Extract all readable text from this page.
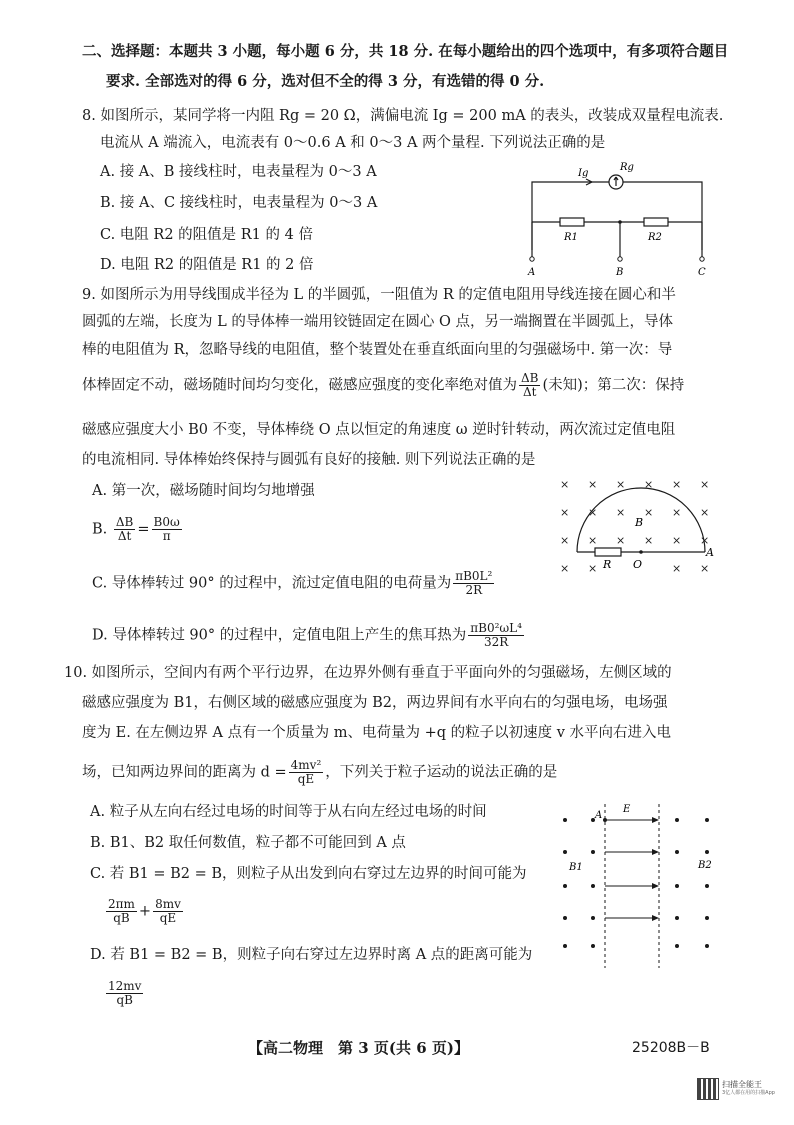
二、选择题：本题共 3 小题，每小题 6 分，共 18 分. 在每小题给出的四个选项中，有多项符合题目
要求. 全部选对的得 6 分，选对但不全的得 3 分，有选错的得 0 分.
8. 如图所示，某同学将一内阻 Rg = 20 Ω，满偏电流 Ig = 200 mA 的表头，改装成双量程电流表.
电流从 A 端流入，电流表有 0～0.6 A 和 0～3 A 两个量程. 下列说法正确的是
A. 接 A、B 接线柱时，电表量程为 0～3 A
B. 接 A、C 接线柱时，电表量程为 0～3 A
C. 电阻 R2 的阻值是 R1 的 4 倍
D. 电阻 R2 的阻值是 R1 的 2 倍
Ig
Rg
R1	R2
A	B	C
9. 如图所示为用导线围成半径为 L 的半圆弧，一阻值为 R 的定值电阻用导线连接在圆心和半
圆弧的左端，长度为 L 的导体棒一端用铰链固定在圆心 O 点，另一端搁置在半圆弧上，导体
棒的电阻值为 R，忽略导线的电阻值，整个装置处在垂直纸面向里的匀强磁场中. 第一次：导
体棒固定不动，磁场随时间均匀变化，磁感应强度的变化率绝对值为 $\frac{\Delta B}{\Delta t}$ (未知)；第二次：保持
磁感应强度大小 B0 不变，导体棒绕 O 点以恒定的角速度 ω 逆时针转动，两次流过定值电阻
的电流相同. 导体棒始终保持与圆弧有良好的接触. 则下列说法正确的是
A. 第一次，磁场随时间均匀地增强
B. $\frac{\Delta B}{\Delta t} = \frac{B0\omega}{\pi}$
C. 导体棒转过 90° 的过程中，流过定值电阻的电荷量为 $\frac{\text{πB0L²}}{2R}$
D. 导体棒转过 90° 的过程中，定值电阻上产生的焦耳热为 $\frac{\text{πB0²ωL⁴}}{32R}$
× × × × × ×
× × × × × ×
× × × × × ×
× ×	× ×
B
R O
A
10. 如图所示，空间内有两个平行边界，在边界外侧有垂直于平面向外的匀强磁场，左侧区域的
磁感应强度为 B1，右侧区域的磁感应强度为 B2，两边界间有水平向右的匀强电场，电场强
度为 E. 在左侧边界 A 点有一个质量为 m、电荷量为 +q 的粒子以初速度 v 水平向右进入电
场，已知两边界间的距离为 $d = \frac{\text{4mv²}}{qE}$ ，下列关于粒子运动的说法正确的是
A. 粒子从左向右经过电场的时间等于从右向左经过电场的时间
B. B1、B2 取任何数值，粒子都不可能回到 A 点
C. 若 B1 = B2 = B，则粒子从出发到向右穿过左边界的时间可能为
$\frac{2\pi m}{qB} + \frac{8mv}{qE}$
D. 若 B1 = B2 = B，则粒子向右穿过左边界时离 A 点的距离可能为
$\frac{12mv}{qB}$
A
E
B1	B2
【高二物理　第 3 页(共 6 页)】	25208B－B
扫描全能王
3亿人都在用的扫描App
